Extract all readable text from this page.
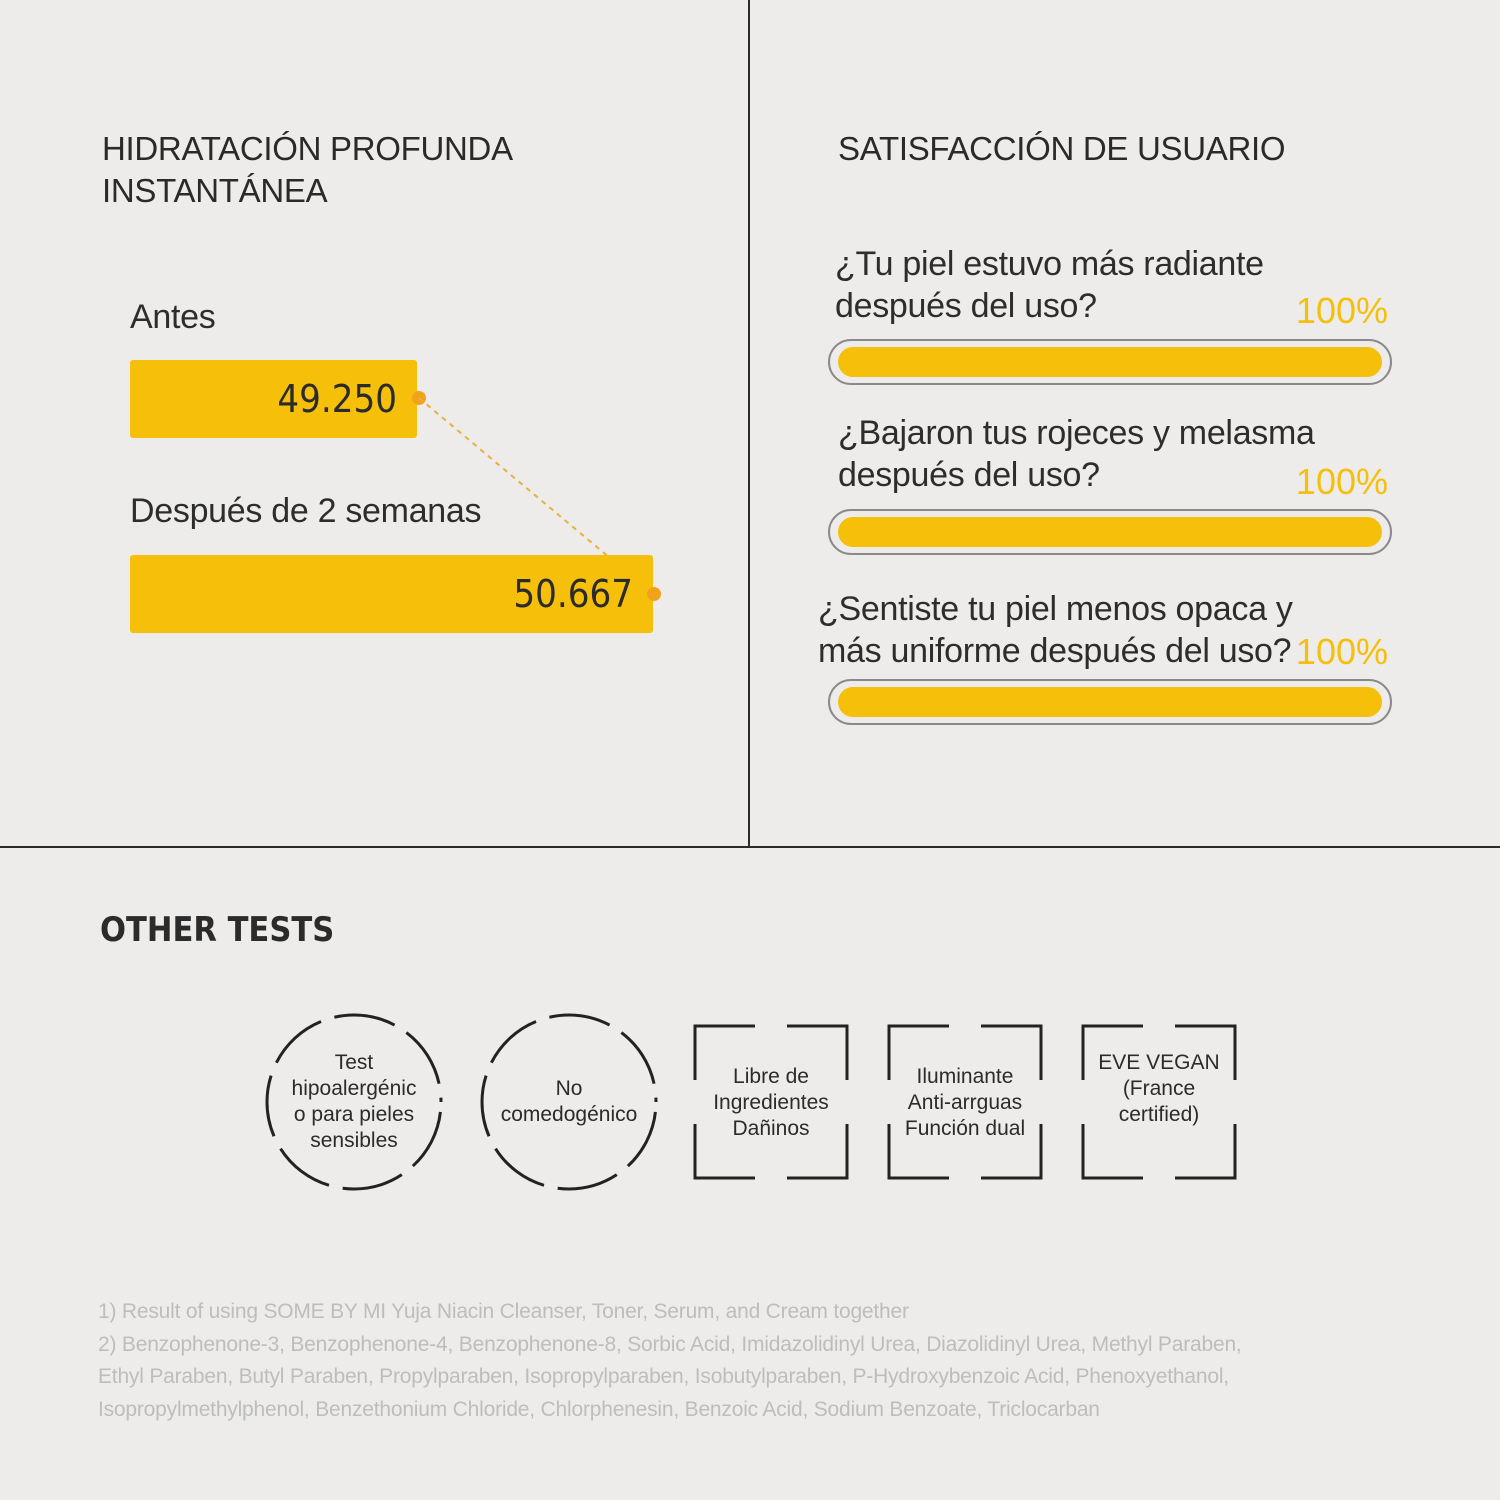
HIDRATACIÓN PROFUNDA INSTANTÁNEA
Antes
49.250
Después de 2 semanas
50.667
SATISFACCIÓN DE USUARIO
¿Tu piel estuvo más radiante
después del uso?	100%
¿Bajaron tus rojeces y melasma
después del uso?	100%
¿Sentiste tu piel menos opaca y
más uniforme después del uso? 100%
OTHER TESTS
Test
hipoalergénic
o para pieles
sensibles
No
comedogénico
Libre de
Ingredientes
Dañinos
Iluminante
Anti-arrguas
Función dual
EVE VEGAN
(France
certified)
1) Result of using SOME BY MI Yuja Niacin Cleanser, Toner, Serum, and Cream together
2) Benzophenone-3, Benzophenone-4, Benzophenone-8, Sorbic Acid, Imidazolidinyl Urea, Diazolidinyl Urea, Methyl Paraben,
Ethyl Paraben, Butyl Paraben, Propylparaben, Isopropylparaben, Isobutylparaben, P-Hydroxybenzoic Acid, Phenoxyethanol,
Isopropylmethylphenol, Benzethonium Chloride, Chlorphenesin, Benzoic Acid, Sodium Benzoate, Triclocarban
